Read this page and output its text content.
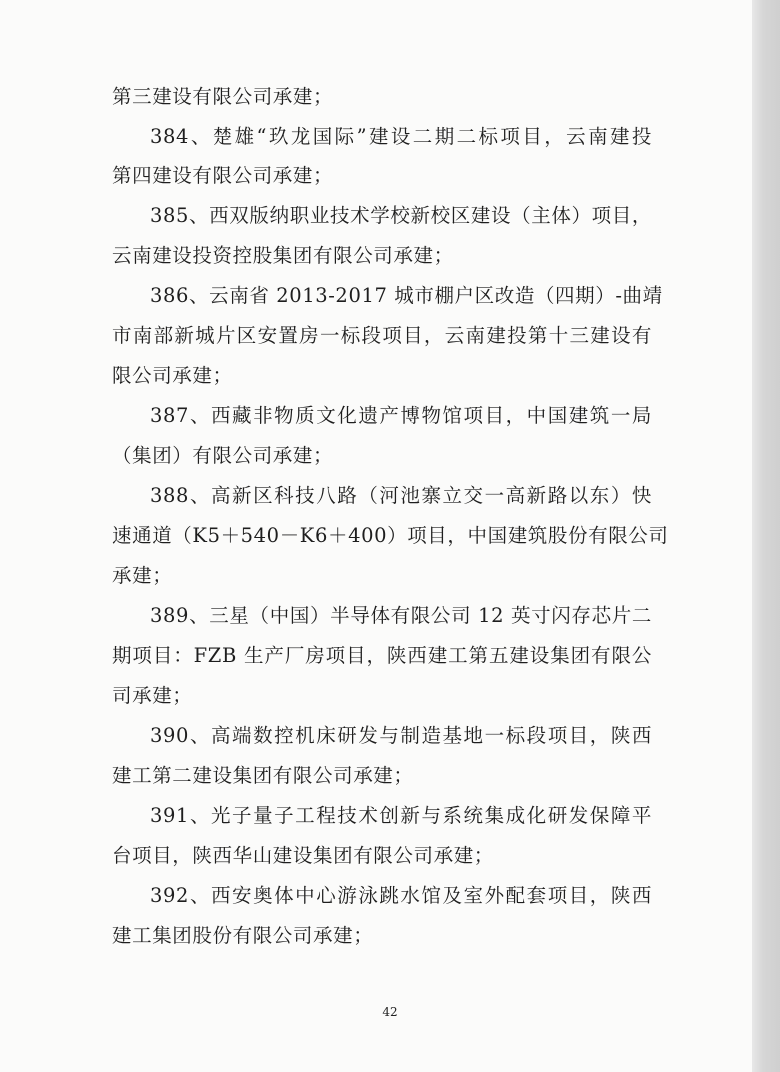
第三建设有限公司承建；
384、楚雄“玖龙国际”建设二期二标项目，云南建投
第四建设有限公司承建；
385、西双版纳职业技术学校新校区建设（主体）项目，
云南建设投资控股集团有限公司承建；
386、云南省 2013-2017 城市棚户区改造（四期）-曲靖
市南部新城片区安置房一标段项目，云南建投第十三建设有
限公司承建；
387、西藏非物质文化遗产博物馆项目，中国建筑一局
（集团）有限公司承建；
388、高新区科技八路（河池寨立交一高新路以东）快
速通道（K5＋540－K6＋400）项目，中国建筑股份有限公司
承建；
389、三星（中国）半导体有限公司 12 英寸闪存芯片二
期项目：FZB 生产厂房项目，陕西建工第五建设集团有限公
司承建；
390、高端数控机床研发与制造基地一标段项目，陕西
建工第二建设集团有限公司承建；
391、光子量子工程技术创新与系统集成化研发保障平
台项目，陕西华山建设集团有限公司承建；
392、西安奥体中心游泳跳水馆及室外配套项目，陕西
建工集团股份有限公司承建；
42
